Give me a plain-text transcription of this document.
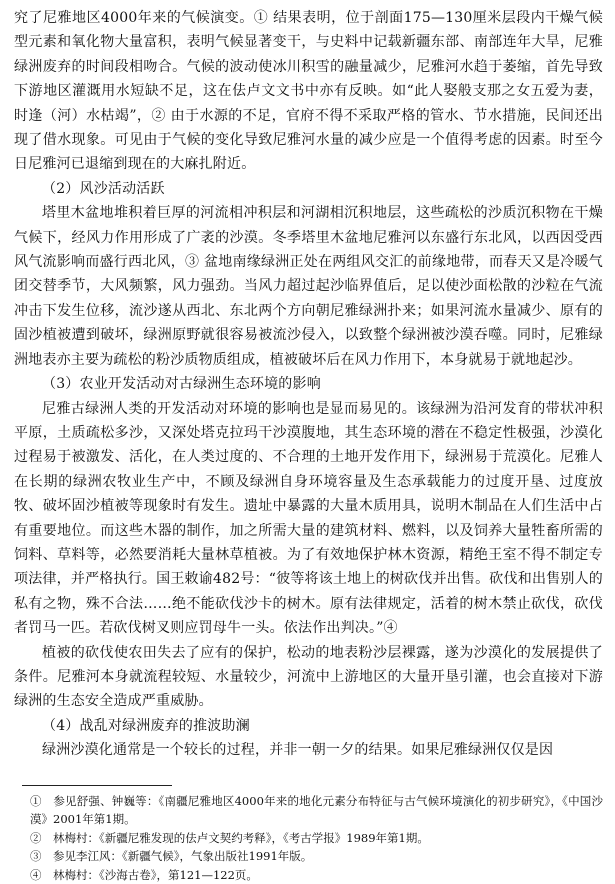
究了尼雅地区4000年来的气候演变。① 结果表明，位于剖面175—130厘米层段内干燥气候型元素和氧化物大量富积，表明气候显著变干，与史料中记载新疆东部、南部连年大旱，尼雅绿洲废弃的时间段相吻合。气候的波动使冰川积雪的融量减少，尼雅河水趋于萎缩，首先导致下游地区灌溉用水短缺不足，这在佉卢文文书中亦有反映。如“此人娶般支那之女五爱为妻，时逢（河）水枯竭”，② 由于水源的不足，官府不得不采取严格的管水、节水措施，民间还出现了借水现象。可见由于气候的变化导致尼雅河水量的减少应是一个值得考虑的因素。时至今日尼雅河已退缩到现在的大麻扎附近。

（2）风沙活动活跃

塔里木盆地堆积着巨厚的河流相冲积层和河湖相沉积地层，这些疏松的沙质沉积物在干燥气候下，经风力作用形成了广袤的沙漠。冬季塔里木盆地尼雅河以东盛行东北风，以西因受西风气流影响而盛行西北风，③ 盆地南缘绿洲正处在两组风交汇的前缘地带，而春天又是冷暖气团交替季节，大风频繁，风力强劲。当风力超过起沙临界值后，足以使沙面松散的沙粒在气流冲击下发生位移，流沙遂从西北、东北两个方向朝尼雅绿洲扑来；如果河流水量减少、原有的固沙植被遭到破坏，绿洲原野就很容易被流沙侵入，以致整个绿洲被沙漠吞噬。同时，尼雅绿洲地表亦主要为疏松的粉沙质物质组成，植被破坏后在风力作用下，本身就易于就地起沙。

（3）农业开发活动对古绿洲生态环境的影响

尼雅古绿洲人类的开发活动对环境的影响也是显而易见的。该绿洲为沿河发育的带状冲积平原，土质疏松多沙，又深处塔克拉玛干沙漠腹地，其生态环境的潜在不稳定性极强，沙漠化过程易于被激发、活化，在人类过度的、不合理的土地开发作用下，绿洲易于荒漠化。尼雅人在长期的绿洲农牧业生产中，不顾及绿洲自身环境容量及生态承载能力的过度开垦、过度放牧、破坏固沙植被等现象时有发生。遗址中暴露的大量木质用具，说明木制品在人们生活中占有重要地位。而这些木器的制作，加之所需大量的建筑材料、燃料，以及饲养大量牲畜所需的饲料、草料等，必然要消耗大量林草植被。为了有效地保护林木资源，精绝王室不得不制定专项法律，并严格执行。国王敕谕482号：“彼等将该土地上的树砍伐并出售。砍伐和出售别人的私有之物，殊不合法……绝不能砍伐沙卡的树木。原有法律规定，活着的树木禁止砍伐，砍伐者罚马一匹。若砍伐树叉则应罚母牛一头。依法作出判决。”④

植被的砍伐使农田失去了应有的保护，松动的地表粉沙层裸露，遂为沙漠化的发展提供了条件。尼雅河本身就流程较短、水量较少，河流中上游地区的大量开垦引灌，也会直接对下游绿洲的生态安全造成严重威胁。

（4）战乱对绿洲废弃的推波助澜

绿洲沙漠化通常是一个较长的过程，并非一朝一夕的结果。如果尼雅绿洲仅仅是因

①　参见舒强、钟巍等：《南疆尼雅地区4000年来的地化元素分布特征与古气候环境演化的初步研究》，《中国沙漠》2001年第1期。

②　林梅村：《新疆尼雅发现的佉卢文契约考释》，《考古学报》1989年第1期。

③　参见李江风：《新疆气候》，气象出版社1991年版。

④　林梅村：《沙海古卷》，第121—122页。
